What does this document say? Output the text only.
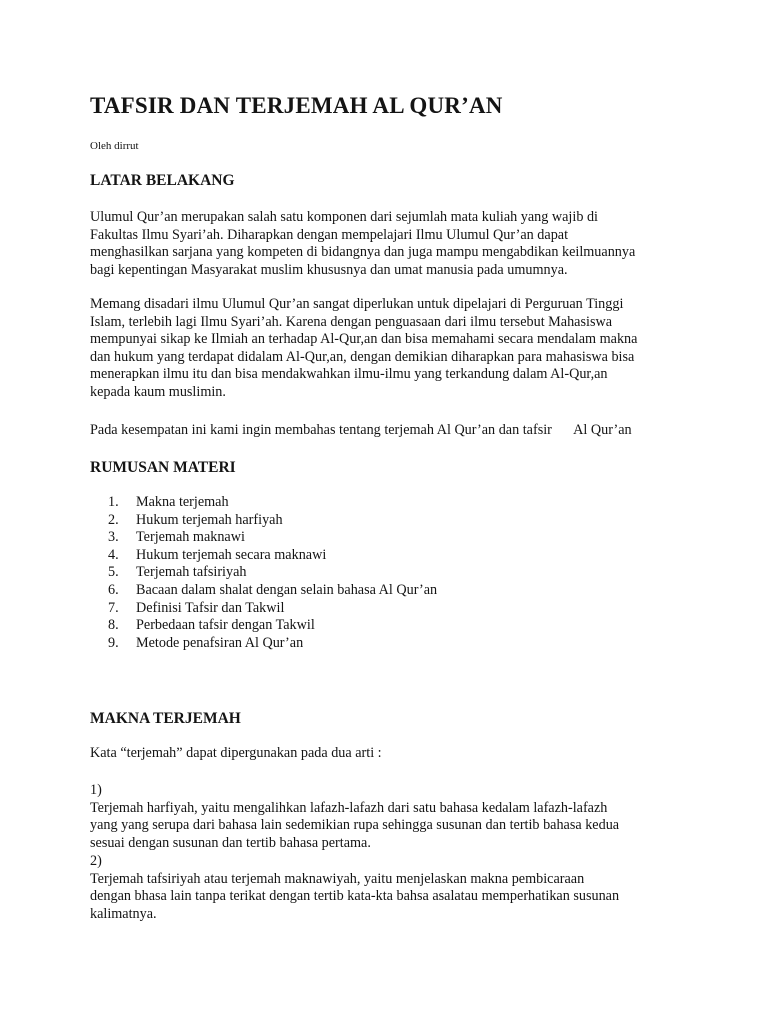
TAFSIR DAN TERJEMAH AL QUR’AN
Oleh dirrut
LATAR BELAKANG
Ulumul Qur’an merupakan salah satu komponen dari sejumlah mata kuliah yang wajib di
Fakultas Ilmu Syari’ah. Diharapkan dengan mempelajari Ilmu Ulumul Qur’an dapat
menghasilkan sarjana yang kompeten di bidangnya dan juga mampu mengabdikan keilmuannya
bagi kepentingan Masyarakat muslim khususnya dan umat manusia pada umumnya.
Memang disadari ilmu Ulumul Qur’an sangat diperlukan untuk dipelajari di Perguruan Tinggi
Islam, terlebih lagi Ilmu Syari’ah. Karena dengan penguasaan dari ilmu tersebut Mahasiswa
mempunyai sikap ke Ilmiah an terhadap Al-Qur,an dan bisa memahami secara mendalam makna
dan hukum yang terdapat didalam Al-Qur,an, dengan demikian diharapkan para mahasiswa bisa
menerapkan ilmu itu dan bisa mendakwahkan ilmu-ilmu yang terkandung dalam Al-Qur,an
kepada kaum muslimin.
Pada kesempatan ini kami ingin membahas tentang terjemah Al Qur’an dan tafsir      Al Qur’an
RUMUSAN MATERI
1.	Makna terjemah
2.	Hukum terjemah harfiyah
3.	Terjemah maknawi
4.	Hukum terjemah secara maknawi
5.	Terjemah tafsiriyah
6.	Bacaan dalam shalat dengan selain bahasa Al Qur’an
7.	Definisi Tafsir dan Takwil
8.	Perbedaan tafsir dengan Takwil
9.	Metode penafsiran Al Qur’an
MAKNA TERJEMAH
Kata “terjemah” dapat dipergunakan pada dua arti :
1)
Terjemah harfiyah, yaitu mengalihkan lafazh-lafazh dari satu bahasa kedalam lafazh-lafazh
yang yang serupa dari bahasa lain sedemikian rupa sehingga susunan dan tertib bahasa kedua
sesuai dengan susunan dan tertib bahasa pertama.
2)
Terjemah tafsiriyah atau terjemah maknawiyah, yaitu menjelaskan makna pembicaraan
dengan bhasa lain tanpa terikat dengan tertib kata-kta bahsa asalatau memperhatikan susunan
kalimatnya.
